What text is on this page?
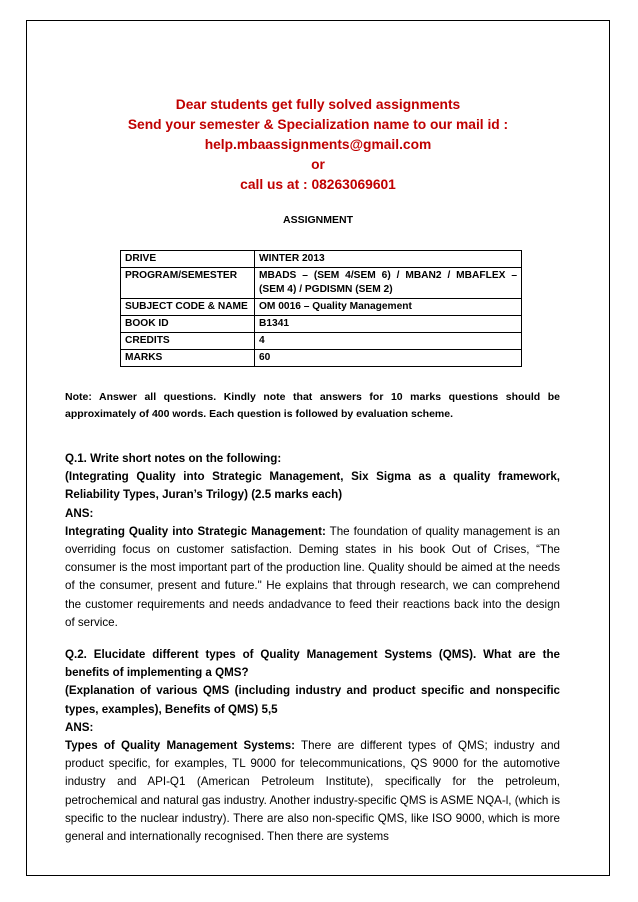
Dear students get fully solved assignments
Send your semester & Specialization name to our mail id :
help.mbaassignments@gmail.com
or
call us at : 08263069601
ASSIGNMENT
DRIVE	WINTER 2013
PROGRAM/SEMESTER	MBADS – (SEM 4/SEM 6) / MBAN2 / MBAFLEX – (SEM 4) / PGDISMN (SEM 2)
SUBJECT CODE & NAME	OM 0016 – Quality Management
BOOK ID	B1341
CREDITS	4
MARKS	60
Note: Answer all questions. Kindly note that answers for 10 marks questions should be approximately of 400 words. Each question is followed by evaluation scheme.
Q.1. Write short notes on the following:
(Integrating Quality into Strategic Management, Six Sigma as a quality framework, Reliability Types, Juran’s Trilogy) (2.5 marks each)
ANS:
Integrating Quality into Strategic Management: The foundation of quality management is an overriding focus on customer satisfaction. Deming states in his book Out of Crises, “The consumer is the most important part of the production line. Quality should be aimed at the needs of the consumer, present and future." He explains that through research, we can comprehend the customer requirements and needs andadvance to feed their reactions back into the design of service.
Q.2. Elucidate different types of Quality Management Systems (QMS). What are the benefits of implementing a QMS?
(Explanation of various QMS (including industry and product specific and nonspecific types, examples), Benefits of QMS) 5,5
ANS:
Types of Quality Management Systems: There are different types of QMS; industry and product specific, for examples, TL 9000 for telecommunications, QS 9000 for the automotive industry and API-Q1 (American Petroleum Institute), specifically for the petroleum, petrochemical and natural gas industry. Another industry-specific QMS is ASME NQA-l, (which is specific to the nuclear industry). There are also non-specific QMS, like ISO 9000, which is more general and internationally recognised. Then there are systems
